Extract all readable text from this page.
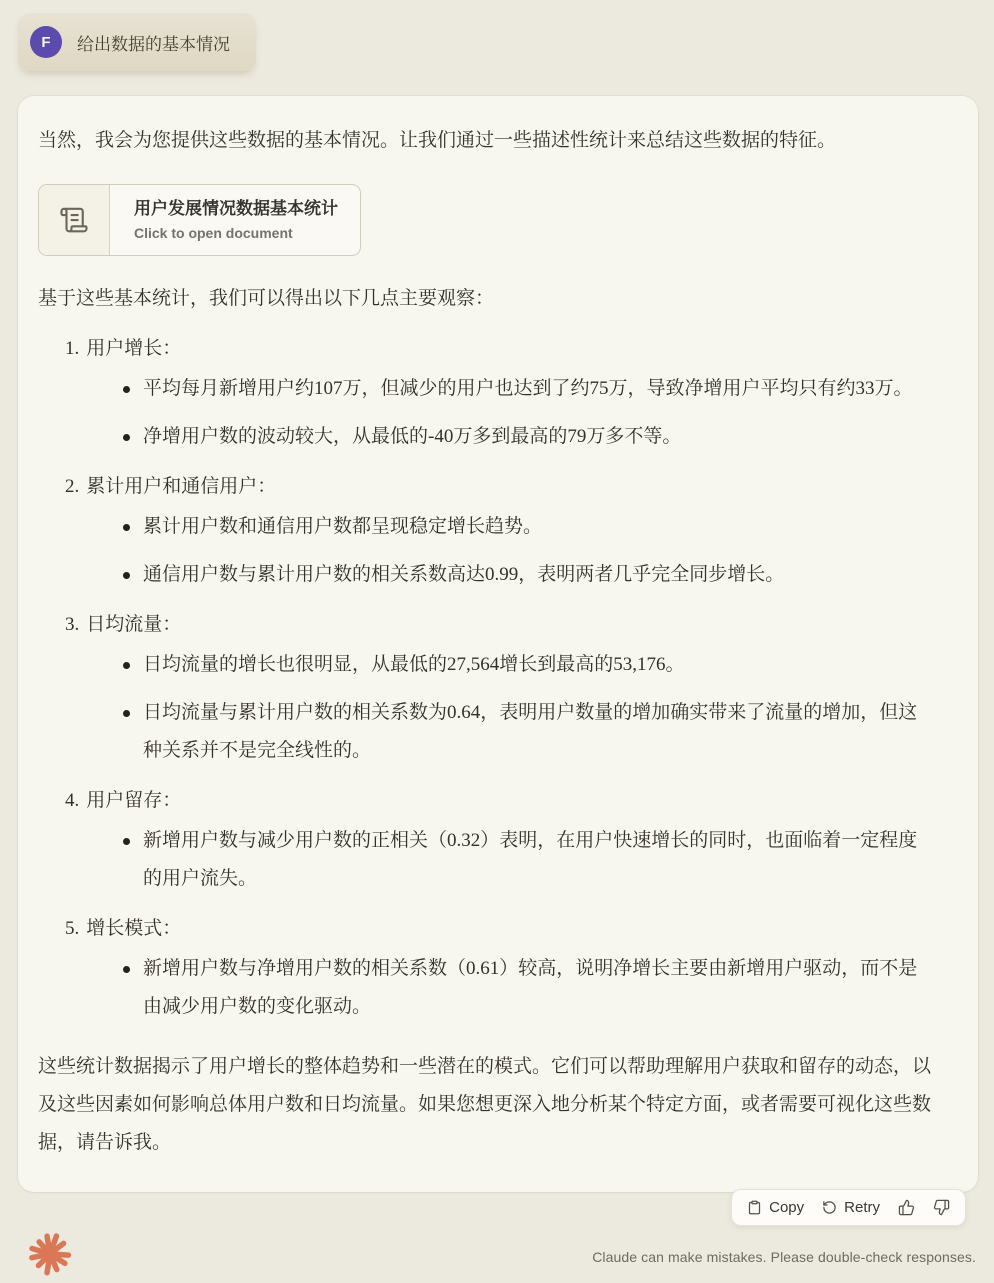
F	给出数据的基本情况

当然，我会为您提供这些数据的基本情况。让我们通过一些描述性统计来总结这些数据的特征。

用户发展情况数据基本统计
Click to open document

基于这些基本统计，我们可以得出以下几点主要观察：

1. 用户增长：
平均每月新增用户约107万，但减少的用户也达到了约75万，导致净增用户平均只有约33万。
净增用户数的波动较大，从最低的-40万多到最高的79万多不等。
2. 累计用户和通信用户：
累计用户数和通信用户数都呈现稳定增长趋势。
通信用户数与累计用户数的相关系数高达0.99，表明两者几乎完全同步增长。
3. 日均流量：
日均流量的增长也很明显，从最低的27,564增长到最高的53,176。
日均流量与累计用户数的相关系数为0.64，表明用户数量的增加确实带来了流量的增加，但这种关系并不是完全线性的。
4. 用户留存：
新增用户数与减少用户数的正相关（0.32）表明，在用户快速增长的同时，也面临着一定程度的用户流失。
5. 增长模式：
新增用户数与净增用户数的相关系数（0.61）较高，说明净增长主要由新增用户驱动，而不是由减少用户数的变化驱动。

这些统计数据揭示了用户增长的整体趋势和一些潜在的模式。它们可以帮助理解用户获取和留存的动态，以及这些因素如何影响总体用户数和日均流量。如果您想更深入地分析某个特定方面，或者需要可视化这些数据，请告诉我。

Copy	Retry
Claude can make mistakes. Please double-check responses.
